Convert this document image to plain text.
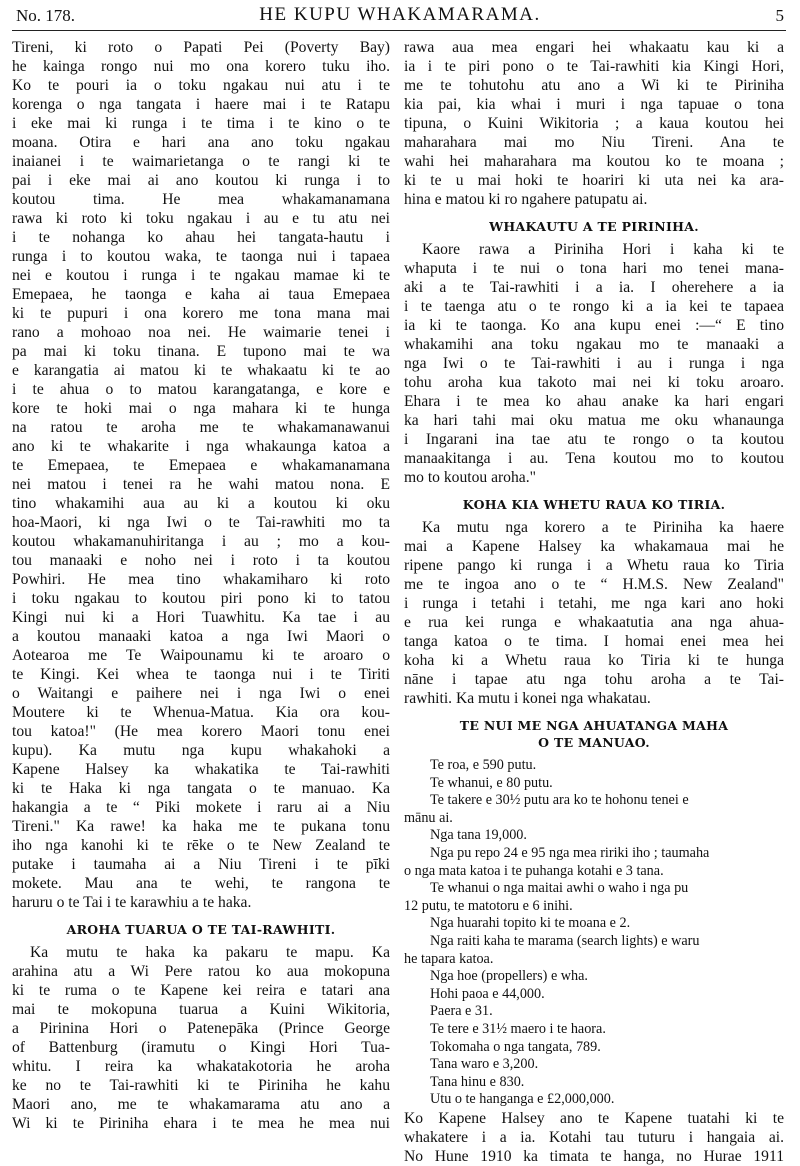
No. 178.	HE KUPU WHAKAMARAMA.	5
Tireni, ki roto o Papati Pei (Poverty Bay)
he kainga rongo nui mo ona korero tuku iho.
Ko te pouri ia o toku ngakau nui atu i te
korenga o nga tangata i haere mai i te Ratapu
i eke mai ki runga i te tima i te kino o te
moana. Otira e hari ana ano toku ngakau
inaianei i te waimarietanga o te rangi ki te
pai i eke mai ai ano koutou ki runga i to
koutou tima. He mea whakamanamana
rawa ki roto ki toku ngakau i au e tu atu nei
i te nohanga ko ahau hei tangata-hautu i
runga i to koutou waka, te taonga nui i tapaea
nei e koutou i runga i te ngakau mamae ki te
Emepaea, he taonga e kaha ai taua Emepaea
ki te pupuri i ona korero me tona mana mai
rano a mohoao noa nei. He waimarie tenei i
pa mai ki toku tinana. E tupono mai te wa
e karangatia ai matou ki te whakaatu ki te ao
i te ahua o to matou karangatanga, e kore e
kore te hoki mai o nga mahara ki te hunga
na ratou te aroha me te whakamanawanui
ano ki te whakarite i nga whakaunga katoa a
te Emepaea, te Emepaea e whakamanamana
nei matou i tenei ra he wahi matou nona. E
tino whakamihi aua au ki a koutou ki oku
hoa-Maori, ki nga Iwi o te Tai-rawhiti mo ta
koutou whakamanuhiritanga i au ; mo a kou-
tou manaaki e noho nei i roto i ta koutou
Powhiri. He mea tino whakamiharo ki roto
i toku ngakau to koutou piri pono ki to tatou
Kingi nui ki a Hori Tuawhitu. Ka tae i au
a koutou manaaki katoa a nga Iwi Maori o
Aotearoa me Te Waipounamu ki te aroaro o
te Kingi. Kei whea te taonga nui i te Tiriti
o Waitangi e paihere nei i nga Iwi o enei
Moutere ki te Whenua-Matua. Kia ora kou-
tou katoa!" (He mea korero Maori tonu enei
kupu). Ka mutu nga kupu whakahoki a
Kapene Halsey ka whakatika te Tai-rawhiti
ki te Haka ki nga tangata o te manuao. Ka
hakangia a te “ Piki mokete i raru ai a Niu
Tireni." Ka rawe! ka haka me te pukana tonu
iho nga kanohi ki te rēke o te New Zealand te
putake i taumaha ai a Niu Tireni i te pīki
mokete. Mau ana te wehi, te rangona te
haruru o te Tai i te karawhiu a te haka.
AROHA TUARUA O TE TAI-RAWHITI.
Ka mutu te haka ka pakaru te mapu. Ka
arahina atu a Wi Pere ratou ko aua mokopuna
ki te ruma o te Kapene kei reira e tatari ana
mai te mokopuna tuarua a Kuini Wikitoria,
a Pirinina Hori o Patenepāka (Prince George
of Battenburg (iramutu o Kingi Hori Tua-
whitu. I reira ka whakatakotoria he aroha
ke no te Tai-rawhiti ki te Piriniha he kahu
Maori ano, me te whakamarama atu ano a
Wi ki te Piriniha ehara i te mea he mea nui
rawa aua mea engari hei whakaatu kau ki a
ia i te piri pono o te Tai-rawhiti kia Kingi Hori,
me te tohutohu atu ano a Wi ki te Piriniha
kia pai, kia whai i muri i nga tapuae o tona
tipuna, o Kuini Wikitoria ; a kaua koutou hei
maharahara mai mo Niu Tireni. Ana te
wahi hei maharahara ma koutou ko te moana ;
ki te u mai hoki te hoariri ki uta nei ka ara-
hina e matou ki ro ngahere patupatu ai.
WHAKAUTU A TE PIRINIHA.
Kaore rawa a Piriniha Hori i kaha ki te
whaputa i te nui o tona hari mo tenei mana-
aki a te Tai-rawhiti i a ia. I oherehere a ia
i te taenga atu o te rongo ki a ia kei te tapaea
ia ki te taonga. Ko ana kupu enei :—“ E tino
whakamihi ana toku ngakau mo te manaaki a
nga Iwi o te Tai-rawhiti i au i runga i nga
tohu aroha kua takoto mai nei ki toku aroaro.
Ehara i te mea ko ahau anake ka hari engari
ka hari tahi mai oku matua me oku whanaunga
i Ingarani ina tae atu te rongo o ta koutou
manaakitanga i au. Tena koutou mo to koutou
mo to koutou aroha."
KOHA KIA WHETU RAUA KO TIRIA.
Ka mutu nga korero a te Piriniha ka haere
mai a Kapene Halsey ka whakamaua mai he
ripene pango ki runga i a Whetu raua ko Tiria
me te ingoa ano o te “ H.M.S. New Zealand"
i runga i tetahi i tetahi, me nga kari ano hoki
e rua kei runga e whakaatutia ana nga ahua-
tanga katoa o te tima. I homai enei mea hei
koha ki a Whetu raua ko Tiria ki te hunga
nāne i tapae atu nga tohu aroha a te Tai-
rawhiti. Ka mutu i konei nga whakatau.
TE NUI ME NGA AHUATANGA MAHA
O TE MANUAO.
Te roa, e 590 putu.
Te whanui, e 80 putu.
Te takere e 30½ putu ara ko te hohonu tenei e
mānu ai.
Nga tana 19,000.
Nga pu repo 24 e 95 nga mea ririki iho ; taumaha
o nga mata katoa i te puhanga kotahi e 3 tana.
Te whanui o nga maitai awhi o waho i nga pu
12 putu, te matotoru e 6 inihi.
Nga huarahi topito ki te moana e 2.
Nga raiti kaha te marama (search lights) e waru
he tapara katoa.
Nga hoe (propellers) e wha.
Hohi paoa e 44,000.
Paera e 31.
Te tere e 31½ maero i te haora.
Tokomaha o nga tangata, 789.
Tana waro e 3,200.
Tana hinu e 830.
Utu o te hanganga e £2,000,000.
Ko Kapene Halsey ano te Kapene tuatahi ki te
whakatere i a ia. Kotahi tau tuturu i hangaia ai.
No Hune 1910 ka timata te hanga, no Hurae 1911
